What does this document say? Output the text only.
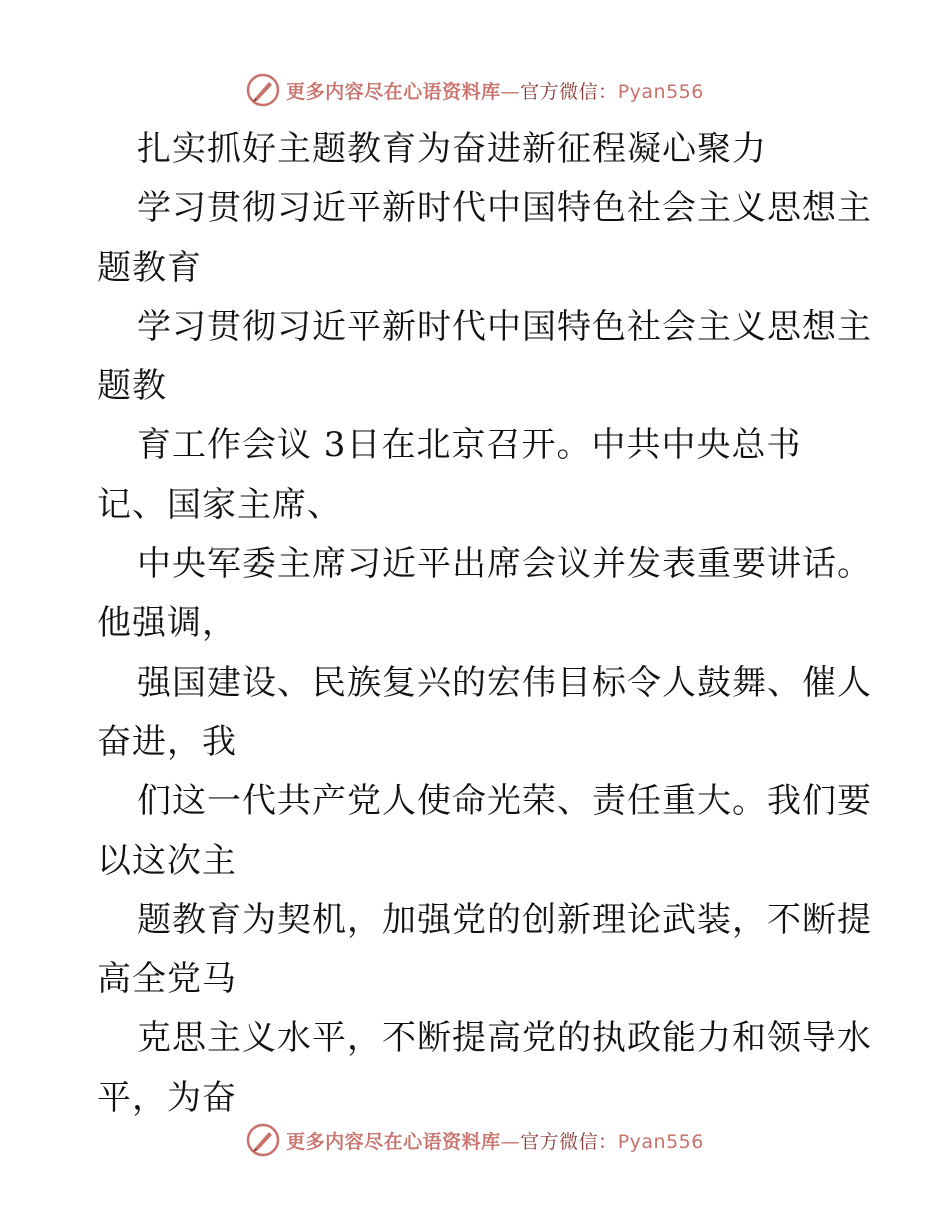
更多内容尽在心语资料库—官方微信：Pyan556
扎实抓好主题教育为奋进新征程凝心聚力
学习贯彻习近平新时代中国特色社会主义思想主
题教育
学习贯彻习近平新时代中国特色社会主义思想主
题教
育工作会议 3日在北京召开。中共中央总书
记、国家主席、
中央军委主席习近平出席会议并发表重要讲话。
他强调，
强国建设、民族复兴的宏伟目标令人鼓舞、催人
奋进，我
们这一代共产党人使命光荣、责任重大。我们要
以这次主
题教育为契机，加强党的创新理论武装，不断提
高全党马
克思主义水平，不断提高党的执政能力和领导水
平，为奋
更多内容尽在心语资料库—官方微信：Pyan556
